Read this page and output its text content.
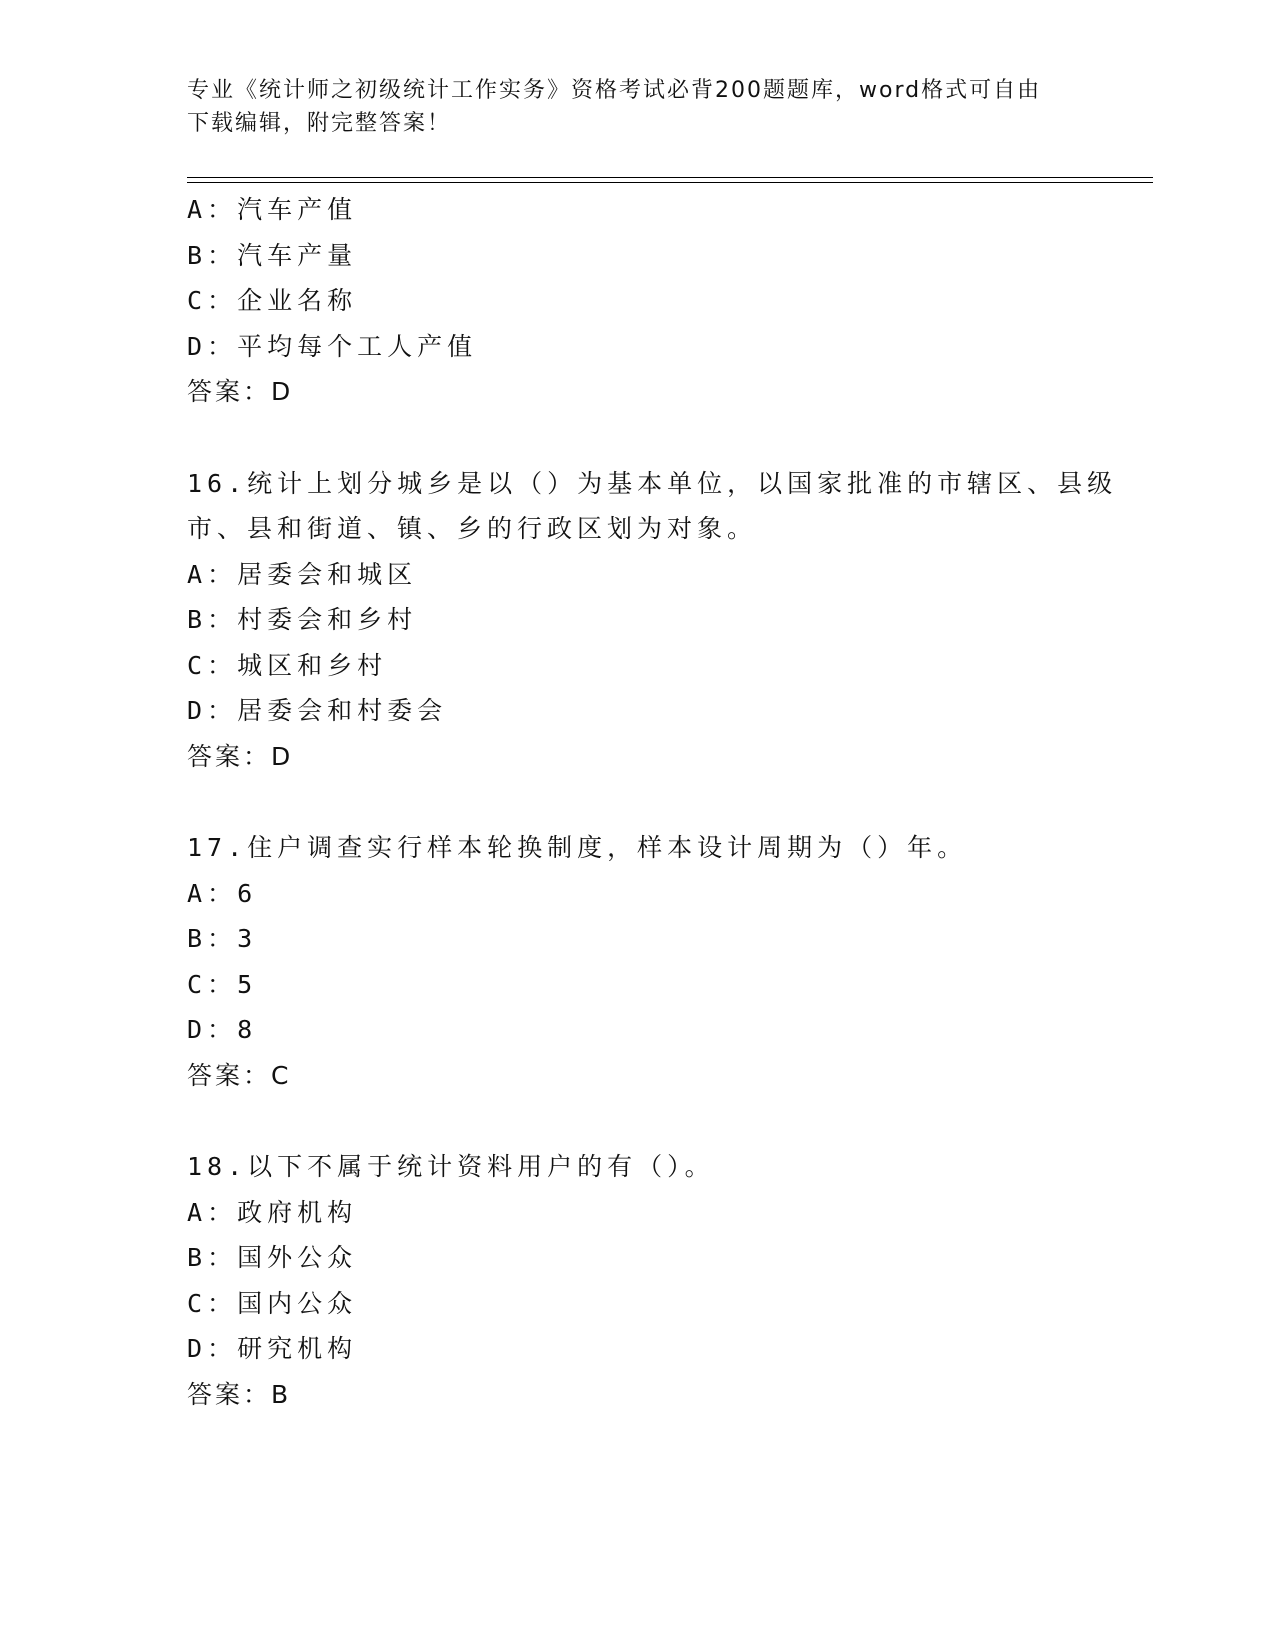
专业《统计师之初级统计工作实务》资格考试必背200题题库，word格式可自由
下载编辑，附完整答案！
A：汽车产值
B：汽车产量
C：企业名称
D：平均每个工人产值
答案：D
16.统计上划分城乡是以（）为基本单位，以国家批准的市辖区、县级
市、县和街道、镇、乡的行政区划为对象。
A：居委会和城区
B：村委会和乡村
C：城区和乡村
D：居委会和村委会
答案：D
17.住户调查实行样本轮换制度，样本设计周期为（）年。
A：6
B：3
C：5
D：8
答案：C
18.以下不属于统计资料用户的有（）。
A：政府机构
B：国外公众
C：国内公众
D：研究机构
答案：B
